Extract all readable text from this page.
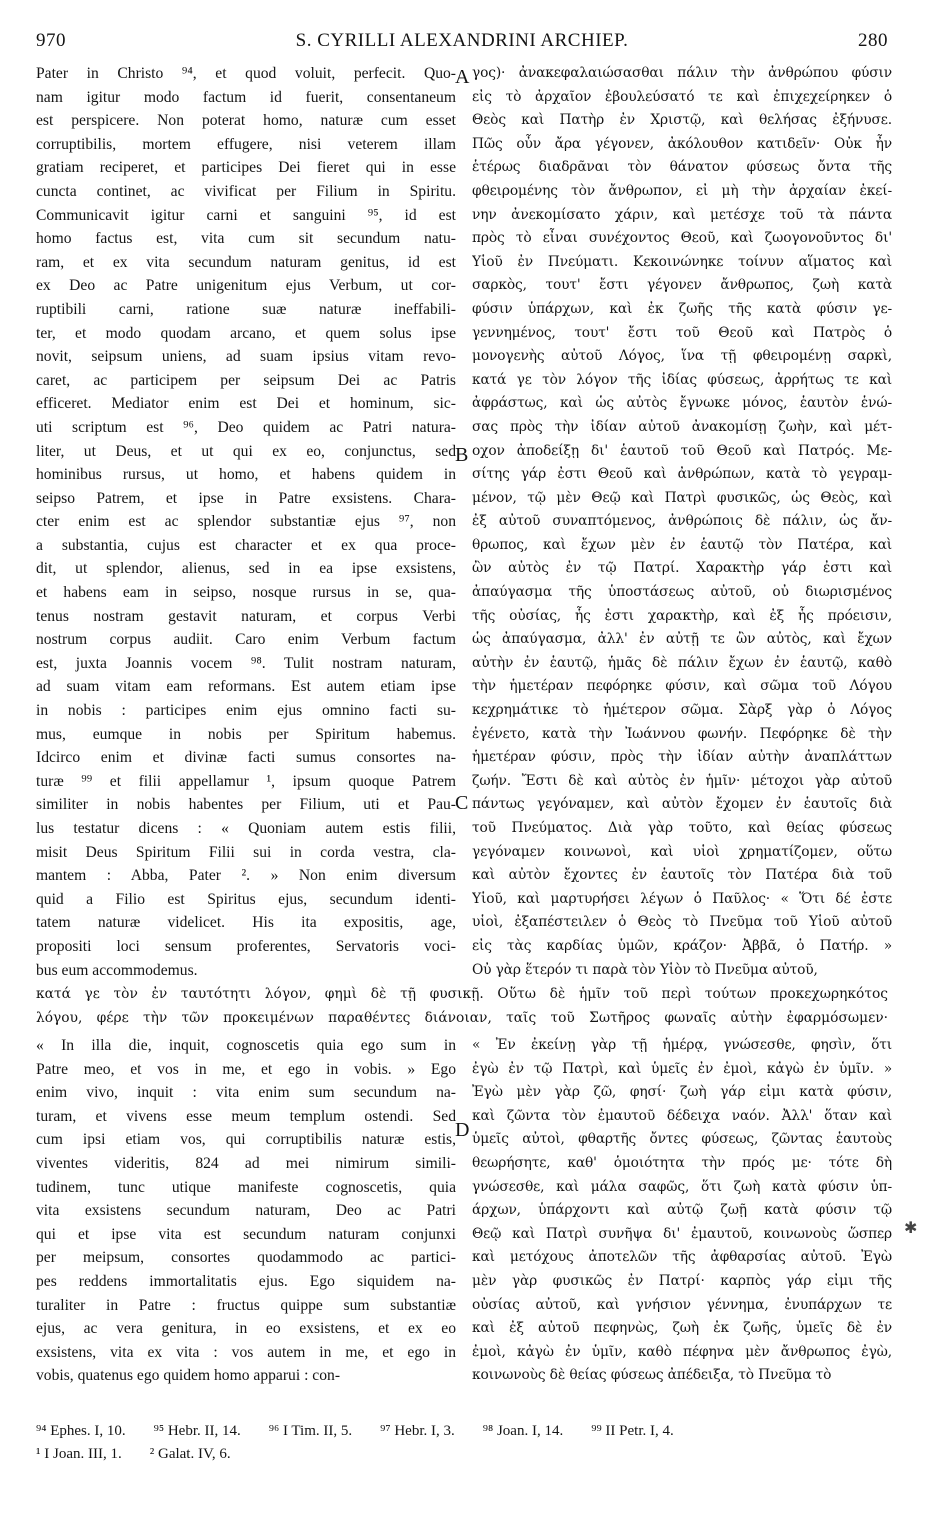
970	S. CYRILLI ALEXANDRINI ARCHIEP.	280
A
B
C
D
Pater in Christo ⁹⁴, et quod voluit, perfecit. Quo-
nam igitur modo factum id fuerit, consentaneum
est perspicere. Non poterat homo, naturæ cum esset
corruptibilis, mortem effugere, nisi veterem illam
gratiam reciperet, et participes Dei fieret qui in esse
cuncta continet, ac vivificat per Filium in Spiritu.
Communicavit igitur carni et sanguini ⁹⁵, id est
homo factus est, vita cum sit secundum natu-
ram, et ex vita secundum naturam genitus, id est
ex Deo ac Patre unigenitum ejus Verbum, ut cor-
ruptibili carni, ratione suæ naturæ ineffabili-
ter, et modo quodam arcano, et quem solus ipse
novit, seipsum uniens, ad suam ipsius vitam revo-
caret, ac participem per seipsum Dei ac Patris
efficeret. Mediator enim est Dei et hominum, sic-
uti scriptum est ⁹⁶, Deo quidem ac Patri natura-
liter, ut Deus, et ut qui ex eo, conjunctus, sed
hominibus rursus, ut homo, et habens quidem in
seipso Patrem, et ipse in Patre exsistens. Chara-
cter enim est ac splendor substantiæ ejus ⁹⁷, non
a substantia, cujus est character et ex qua proce-
dit, ut splendor, alienus, sed in ea ipse exsistens,
et habens eam in seipso, nosque rursus in se, qua-
tenus nostram gestavit naturam, et corpus Verbi
nostrum corpus audiit. Caro enim Verbum factum
est, juxta Joannis vocem ⁹⁸. Tulit nostram naturam,
ad suam vitam eam reformans. Est autem etiam ipse
in nobis : participes enim ejus omnino facti su-
mus, eumque in nobis per Spiritum habemus.
Idcirco enim et divinæ facti sumus consortes na-
turæ ⁹⁹ et filii appellamur ¹, ipsum quoque Patrem
similiter in nobis habentes per Filium, uti et Pau-
lus testatur dicens : « Quoniam autem estis filii,
misit Deus Spiritum Filii sui in corda vestra, cla-
mantem : Abba, Pater ². » Non enim diversum
quid a Filio est Spiritus ejus, secundum identi-
tatem naturæ videlicet. His ita expositis, age,
propositi loci sensum proferentes, Servatoris voci-
bus eum accommodemus.
γος)· ἀνακεφαλαιώσασθαι πάλιν τὴν ἀνθρώπου φύσιν
εἰς τὸ ἀρχαῖον ἐβουλεύσατό τε καὶ ἐπιχεχείρηκεν ὁ
Θεὸς καὶ Πατὴρ ἐν Χριστῷ, καὶ θελήσας ἐξήνυσε.
Πῶς οὖν ἄρα γέγονεν, ἀκόλουθον κατιδεῖν· Οὐκ ἦν
ἑτέρως διαδρᾶναι τὸν θάνατον φύσεως ὄντα τῆς
φθειρομένης τὸν ἄνθρωπον, εἰ μὴ τὴν ἀρχαίαν ἐκεί-
νην ἀνεκομίσατο χάριν, καὶ μετέσχε τοῦ τὰ πάντα
πρὸς τὸ εἶναι συνέχοντος Θεοῦ, καὶ ζωογονοῦντος δι'
Υἱοῦ ἐν Πνεύματι. Κεκοινώνηκε τοίνυν αἵματος καὶ
σαρκὸς, τουτ' ἔστι γέγονεν ἄνθρωπος, ζωὴ κατὰ
φύσιν ὑπάρχων, καὶ ἐκ ζωῆς τῆς κατὰ φύσιν γε-
γεννημένος, τουτ' ἔστι τοῦ Θεοῦ καὶ Πατρὸς ὁ
μονογενὴς αὐτοῦ Λόγος, ἵνα τῇ φθειρομένῃ σαρκὶ,
κατά γε τὸν λόγον τῆς ἰδίας φύσεως, ἀρρήτως τε καὶ
ἀφράστως, καὶ ὡς αὐτὸς ἔγνωκε μόνος, ἑαυτὸν ἑνώ-
σας πρὸς τὴν ἰδίαν αὐτοῦ ἀνακομίσῃ ζωὴν, καὶ μέτ-
οχον ἀποδείξῃ δι' ἑαυτοῦ τοῦ Θεοῦ καὶ Πατρός. Με-
σίτης γάρ ἐστι Θεοῦ καὶ ἀνθρώπων, κατὰ τὸ γεγραμ-
μένον, τῷ μὲν Θεῷ καὶ Πατρὶ φυσικῶς, ὡς Θεὸς, καὶ
ἐξ αὐτοῦ συναπτόμενος, ἀνθρώποις δὲ πάλιν, ὡς ἄν-
θρωπος, καὶ ἔχων μὲν ἐν ἑαυτῷ τὸν Πατέρα, καὶ
ὢν αὐτὸς ἐν τῷ Πατρί. Χαρακτὴρ γάρ ἐστι καὶ
ἀπαύγασμα τῆς ὑποστάσεως αὐτοῦ, οὐ διωρισμένος
τῆς οὐσίας, ἧς ἐστι χαρακτὴρ, καὶ ἐξ ἧς πρόεισιν,
ὡς ἀπαύγασμα, ἀλλ' ἐν αὐτῇ τε ὢν αὐτὸς, καὶ ἔχων
αὐτὴν ἐν ἑαυτῷ, ἡμᾶς δὲ πάλιν ἔχων ἐν ἑαυτῷ, καθὸ
τὴν ἡμετέραν πεφόρηκε φύσιν, καὶ σῶμα τοῦ Λόγου
κεχρημάτικε τὸ ἡμέτερον σῶμα. Σὰρξ γὰρ ὁ Λόγος
ἐγένετο, κατὰ τὴν Ἰωάννου φωνήν. Πεφόρηκε δὲ τὴν
ἡμετέραν φύσιν, πρὸς τὴν ἰδίαν αὐτὴν ἀναπλάττων
ζωήν. Ἔστι δὲ καὶ αὐτὸς ἐν ἡμῖν· μέτοχοι γὰρ αὐτοῦ
πάντως γεγόναμεν, καὶ αὐτὸν ἔχομεν ἐν ἑαυτοῖς διὰ
τοῦ Πνεύματος. Διὰ γὰρ τοῦτο, καὶ θείας φύσεως
γεγόναμεν κοινωνοὶ, καὶ υἱοὶ χρηματίζομεν, οὕτω
καὶ αὐτὸν ἔχοντες ἐν ἑαυτοῖς τὸν Πατέρα διὰ τοῦ
Υἱοῦ, καὶ μαρτυρήσει λέγων ὁ Παῦλος· « Ὅτι δέ ἐστε
υἱοὶ, ἐξαπέστειλεν ὁ Θεὸς τὸ Πνεῦμα τοῦ Υἱοῦ αὐτοῦ
εἰς τὰς καρδίας ὑμῶν, κράζον· Ἀββᾶ, ὁ Πατήρ. »
Οὐ γὰρ ἕτερόν τι παρὰ τὸν Υἱὸν τὸ Πνεῦμα αὐτοῦ,
κατά γε τὸν ἐν ταυτότητι λόγον, φημὶ δὲ τῇ φυσικῇ. Οὕτω δὲ ἡμῖν τοῦ περὶ τούτων προκεχωρηκότος
λόγου, φέρε τὴν τῶν προκειμένων παραθέντες διάνοιαν, ταῖς τοῦ Σωτῆρος φωναῖς αὐτὴν ἐφαρμόσωμεν·
« In illa die, inquit, cognoscetis quia ego sum in
Patre meo, et vos in me, et ego in vobis. » Ego
enim vivo, inquit : vita enim sum secundum na-
turam, et vivens esse meum templum ostendi. Sed
cum ipsi etiam vos, qui corruptibilis naturæ estis,
viventes videritis, 824 ad mei nimirum simili-
tudinem, tunc utique manifeste cognoscetis, quia
vita exsistens secundum naturam, Deo ac Patri
qui et ipse vita est secundum naturam conjunxi
per meipsum, consortes quodammodo ac partici-
pes reddens immortalitatis ejus. Ego siquidem na-
turaliter in Patre : fructus quippe sum substantiæ
ejus, ac vera genitura, in eo exsistens, et ex eo
exsistens, vita ex vita : vos autem in me, et ego in
vobis, quatenus ego quidem homo apparui : con-
« Ἐν ἐκείνῃ γὰρ τῇ ἡμέρᾳ, γνώσεσθε, φησὶν, ὅτι
ἐγὼ ἐν τῷ Πατρὶ, καὶ ὑμεῖς ἐν ἐμοὶ, κἀγὼ ἐν ὑμῖν. »
Ἐγὼ μὲν γὰρ ζῶ, φησί· ζωὴ γάρ εἰμι κατὰ φύσιν,
καὶ ζῶντα τὸν ἐμαυτοῦ δέδειχα ναόν. Ἀλλ' ὅταν καὶ
ὑμεῖς αὐτοὶ, φθαρτῆς ὄντες φύσεως, ζῶντας ἑαυτοὺς
θεωρήσητε, καθ' ὁμοιότητα τὴν πρός με· τότε δὴ
γνώσεσθε, καὶ μάλα σαφῶς, ὅτι ζωὴ κατὰ φύσιν ὑπ-
άρχων, ὑπάρχοντι καὶ αὐτῷ ζωῇ κατὰ φύσιν τῷ
Θεῷ καὶ Πατρὶ συνῆψα δι' ἐμαυτοῦ, κοινωνοὺς ὥσπερ
καὶ μετόχους ἀποτελῶν τῆς ἀφθαρσίας αὐτοῦ. Ἐγὼ
μὲν γὰρ φυσικῶς ἐν Πατρί· καρπὸς γάρ εἰμι τῆς
οὐσίας αὐτοῦ, καὶ γνήσιον γέννημα, ἐνυπάρχων τε
καὶ ἐξ αὐτοῦ πεφηνὼς, ζωὴ ἐκ ζωῆς, ὑμεῖς δὲ ἐν
ἐμοὶ, κἀγὼ ἐν ὑμῖν, καθὸ πέφηνα μὲν ἄνθρωπος ἐγὼ,
κοινωνοὺς δὲ θείας φύσεως ἀπέδειξα, τὸ Πνεῦμα τὸ
⁹⁴ Ephes. I, 10. ⁹⁵ Hebr. II, 14. ⁹⁶ I Tim. II, 5. ⁹⁷ Hebr. I, 3. ⁹⁸ Joan. I, 14. ⁹⁹ II Petr. I, 4.
¹ I Joan. III, 1. ² Galat. IV, 6.
✱
